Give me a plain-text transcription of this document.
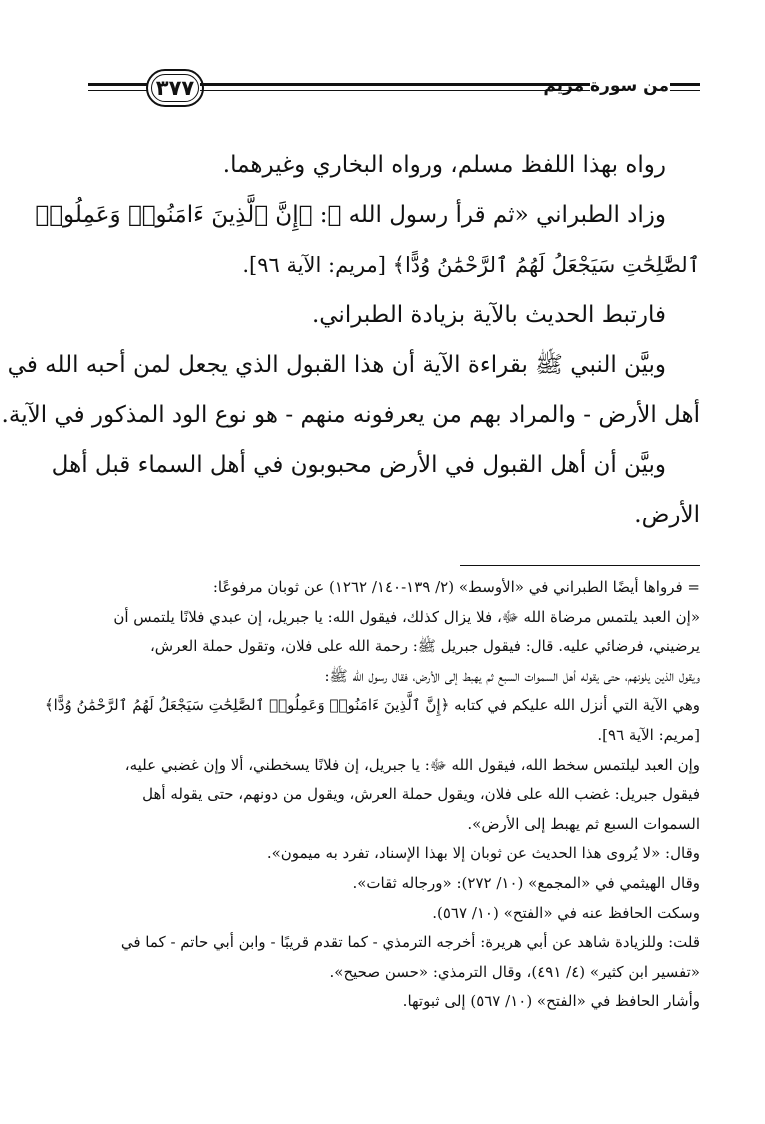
٣٧٧	من سورة مريم
رواه بهذا اللفظ مسلم، ورواه البخاري وغيرهما.
وزاد الطبراني «ثم قرأ رسول الله ﷺ: ﴿إِنَّ ٱلَّذِينَ ءَامَنُوا۟ وَعَمِلُوا۟
ٱلصَّٰلِحَٰتِ سَيَجْعَلُ لَهُمُ ٱلرَّحْمَٰنُ وُدًّا﴾ [مريم: الآية ٩٦].
فارتبط الحديث بالآية بزيادة الطبراني.
وبيَّن النبي ﷺ بقراءة الآية أن هذا القبول الذي يجعل لمن أحبه الله في
أهل الأرض - والمراد بهم من يعرفونه منهم - هو نوع الود المذكور في الآية.
وبيَّن أن أهل القبول في الأرض محبوبون في أهل السماء قبل أهل
الأرض.
= فرواها أيضًا الطبراني في «الأوسط» (٢/ ١٣٩-١٤٠/ ١٢٦٢) عن ثوبان مرفوعًا:
«إن العبد يلتمس مرضاة الله ﷻ، فلا يزال كذلك، فيقول الله: يا جبريل، إن عبدي فلانًا يلتمس أن
يرضيني، فرضائي عليه. قال: فيقول جبريل ﷺ: رحمة الله على فلان، وتقول حملة العرش،
ويقول الذين يلونهم، حتى يقوله أهل السموات السبع ثم يهبط إلى الأرض، فقال رسول الله ﷺ:
وهي الآية التي أنزل الله عليكم في كتابه ﴿إِنَّ ٱلَّذِينَ ءَامَنُوا۟ وَعَمِلُوا۟ ٱلصَّٰلِحَٰتِ سَيَجْعَلُ لَهُمُ ٱلرَّحْمَٰنُ وُدًّا﴾
[مريم: الآية ٩٦].
وإن العبد ليلتمس سخط الله، فيقول الله ﷻ: يا جبريل، إن فلانًا يسخطني، ألا وإن غضبي عليه،
فيقول جبريل: غضب الله على فلان، ويقول حملة العرش، ويقول من دونهم، حتى يقوله أهل
السموات السبع ثم يهبط إلى الأرض».
وقال: «لا يُروى هذا الحديث عن ثوبان إلا بهذا الإسناد، تفرد به ميمون».
وقال الهيثمي في «المجمع» (١٠/ ٢٧٢): «ورجاله ثقات».
وسكت الحافظ عنه في «الفتح» (١٠/ ٥٦٧).
قلت: وللزيادة شاهد عن أبي هريرة: أخرجه الترمذي - كما تقدم قريبًا - وابن أبي حاتم - كما في
«تفسير ابن كثير» (٤/ ٤٩١)، وقال الترمذي: «حسن صحيح».
وأشار الحافظ في «الفتح» (١٠/ ٥٦٧) إلى ثبوتها.
